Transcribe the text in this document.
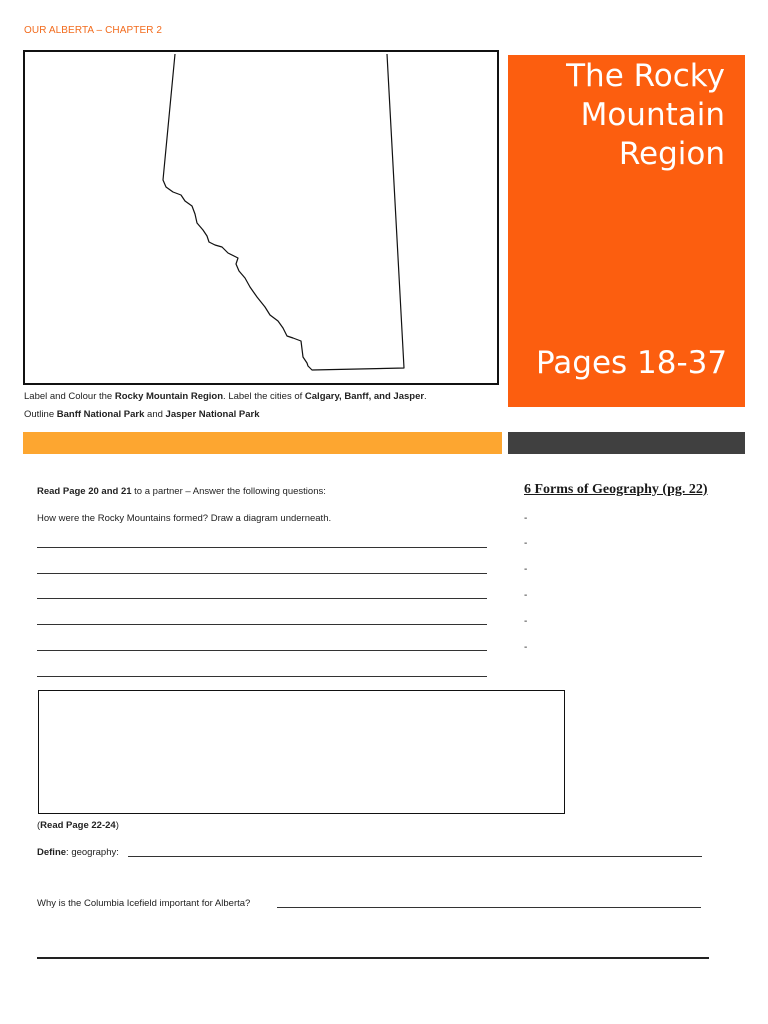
OUR ALBERTA – CHAPTER 2
The Rocky
Mountain
Region
Pages 18-37
Label and Colour the Rocky Mountain Region. Label the cities of Calgary, Banff, and Jasper.
Outline Banff National Park and Jasper National Park
Read Page 20 and 21 to a partner – Answer the following questions:
How were the Rocky Mountains formed? Draw a diagram underneath.
6 Forms of Geography (pg. 22)
-
-
-
-
-
-
(Read Page 22-24)
Define: geography:
Why is the Columbia Icefield important for Alberta?
